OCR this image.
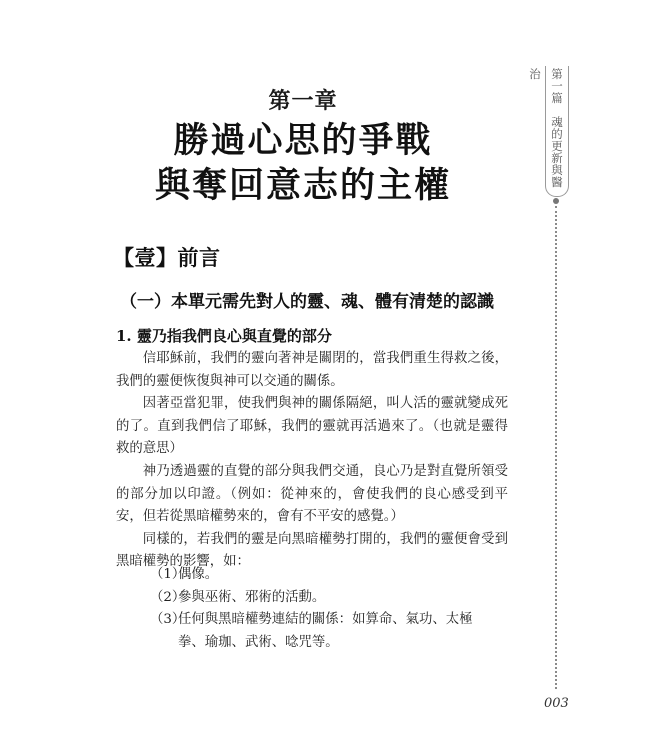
第一章
勝過心思的爭戰
與奪回意志的主權
【壹】前言
（一）本單元需先對人的靈、魂、體有清楚的認識
1. 靈乃指我們良心與直覺的部分

信耶穌前，我們的靈向著神是關閉的，當我們重生得救之後，我們的靈便恢復與神可以交通的關係。

因著亞當犯罪，使我們與神的關係隔絕，叫人活的靈就變成死的了。直到我們信了耶穌，我們的靈就再活過來了。（也就是靈得救的意思）

神乃透過靈的直覺的部分與我們交通，良心乃是對直覺所領受的部分加以印證。（例如：從神來的，會使我們的良心感受到平安，但若從黑暗權勢來的，會有不平安的感覺。）

同樣的，若我們的靈是向黑暗權勢打開的，我們的靈便會受到黑暗權勢的影響，如：

（1）
偶像。
（2）
參與巫術、邪術的活動。
（3）
任何與黑暗權勢連結的關係：如算命、氣功、太極拳、瑜珈、武術、唸咒等。
第一篇　魂的更新與醫治
003
